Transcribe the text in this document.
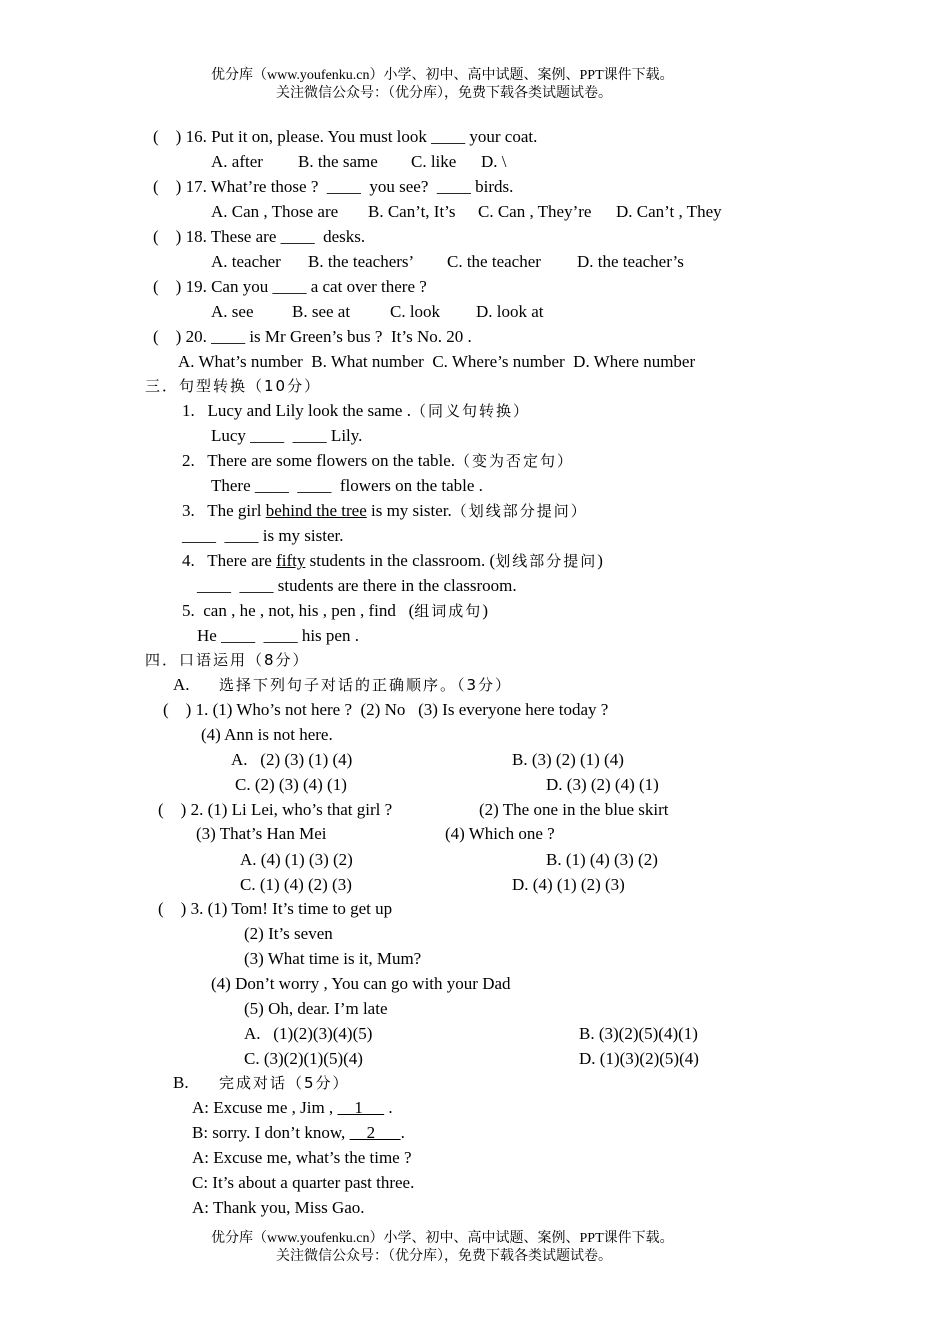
优分库（www.youfenku.cn）小学、初中、高中试题、案例、PPT课件下载。
关注微信公众号：（优分库），免费下载各类试题试卷。
(    ) 16. Put it on, please. You must look ____ your coat.
A. after B. the same C. like D. \
(    ) 17. What’re those ?  ____  you see?  ____ birds.
A. Can , Those are B. Can’t, It’s C. Can , They’re D. Can’t , They
(    ) 18. These are ____  desks.
A. teacher B. the teachers’ C. the teacher D. the teacher’s
(    ) 19. Can you ____ a cat over there ?
A. see B. see at C. look D. look at
(    ) 20. ____ is Mr Green’s bus ?  It’s No. 20 .
A. What’s number  B. What number  C. Where’s number  D. Where number
三．句型转换（10分）
1.   Lucy and Lily look the same .（同义句转换）
Lucy ____  ____ Lily.
2.   There are some flowers on the table.（变为否定句）
There ____  ____  flowers on the table .
3.   The girl behind the tree is my sister.（划线部分提问）
____  ____ is my sister.
4.   There are fifty students in the classroom. (划线部分提问)
____  ____ students are there in the classroom.
5.  can , he , not, his , pen , find   (组词成句)
He ____  ____ his pen .
四．口语运用（8分）
A. 选择下列句子对话的正确顺序。（3分）
(    ) 1. (1) Who’s not here ?  (2) No   (3) Is everyone here today ?
(4) Ann is not here.
A.   (2) (3) (1) (4)	B. (3) (2) (1) (4)
C. (2) (3) (4) (1)	D. (3) (2) (4) (1)
(    ) 2. (1) Li Lei, who’s that girl ?	(2) The one in the blue skirt
(3) That’s Han Mei	(4) Which one ?
A. (4) (1) (3) (2)	B. (1) (4) (3) (2)
C. (1) (4) (2) (3)	D. (4) (1) (2) (3)
(    ) 3. (1) Tom! It’s time to get up
(2) It’s seven
(3) What time is it, Mum?
(4) Don’t worry , You can go with your Dad
(5) Oh, dear. I’m late
A.   (1)(2)(3)(4)(5)	B. (3)(2)(5)(4)(1)
C. (3)(2)(1)(5)(4)	D. (1)(3)(2)(5)(4)
B. 完成对话（5分）
A: Excuse me , Jim ,     1      .
B: sorry. I don’t know,     2      .
A: Excuse me, what’s the time ?
C: It’s about a quarter past three.
A: Thank you, Miss Gao.
优分库（www.youfenku.cn）小学、初中、高中试题、案例、PPT课件下载。
关注微信公众号：（优分库），免费下载各类试题试卷。
